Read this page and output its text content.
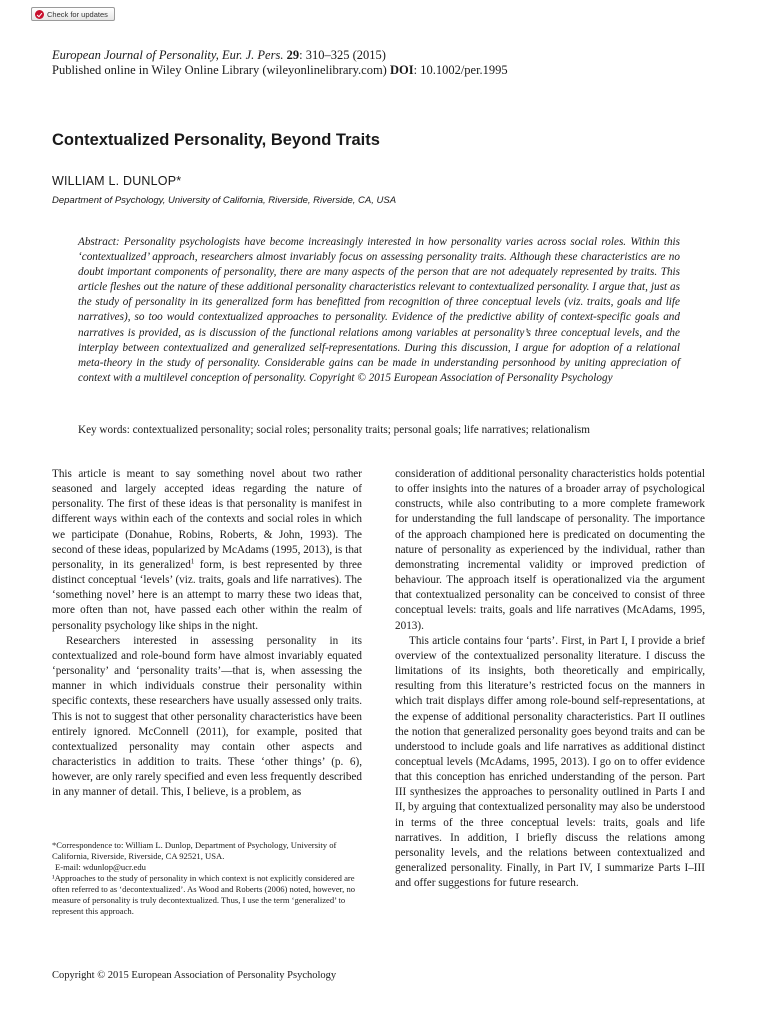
Check for updates
European Journal of Personality, Eur. J. Pers. 29: 310–325 (2015)
Published online in Wiley Online Library (wileyonlinelibrary.com) DOI: 10.1002/per.1995
Contextualized Personality, Beyond Traits
WILLIAM L. DUNLOP*
Department of Psychology, University of California, Riverside, Riverside, CA, USA
Abstract: Personality psychologists have become increasingly interested in how personality varies across social roles. Within this ‘contextualized’ approach, researchers almost invariably focus on assessing personality traits. Although these characteristics are no doubt important components of personality, there are many aspects of the person that are not adequately represented by traits. This article fleshes out the nature of these additional personality characteristics relevant to contextualized personality. I argue that, just as the study of personality in its generalized form has benefitted from recognition of three conceptual levels (viz. traits, goals and life narratives), so too would contextualized approaches to personality. Evidence of the predictive ability of context-specific goals and narratives is provided, as is discussion of the functional relations among variables at personality’s three conceptual levels, and the interplay between contextualized and generalized self-representations. During this discussion, I argue for adoption of a relational meta-theory in the study of personality. Considerable gains can be made in understanding personhood by uniting appreciation of context with a multilevel conception of personality. Copyright © 2015 European Association of Personality Psychology
Key words: contextualized personality; social roles; personality traits; personal goals; life narratives; relationalism

This article is meant to say something novel about two rather seasoned and largely accepted ideas regarding the nature of personality. The first of these ideas is that personality is manifest in different ways within each of the contexts and social roles in which we participate (Donahue, Robins, Roberts, & John, 1993). The second of these ideas, popularized by McAdams (1995, 2013), is that personality, in its generalized$^1$ form, is best represented by three distinct conceptual ‘levels’ (viz. traits, goals and life narratives). The ‘something novel’ here is an attempt to marry these two ideas that, more often than not, have passed each other within the realm of personality psychology like ships in the night.

Researchers interested in assessing personality in its contextualized and role-bound form have almost invariably equated ‘personality’ and ‘personality traits’—that is, when assessing the manner in which individuals construe their personality within specific contexts, these researchers have usually assessed only traits. This is not to suggest that other personality characteristics have been entirely ignored. McConnell (2011), for example, posited that contextualized personality may contain other aspects and characteristics in addition to traits. These ‘other things’ (p. 6), however, are only rarely specified and even less frequently described in any manner of detail. This, I believe, is a problem, as

consideration of additional personality characteristics holds potential to offer insights into the natures of a broader array of psychological constructs, while also contributing to a more complete framework for understanding the full landscape of personality. The importance of the approach championed here is predicated on documenting the nature of personality as experienced by the individual, rather than demonstrating incremental validity or improved prediction of behaviour. The approach itself is operationalized via the argument that contextualized personality can be conceived to consist of three conceptual levels: traits, goals and life narratives (McAdams, 1995, 2013).

This article contains four ‘parts’. First, in Part I, I provide a brief overview of the contextualized personality literature. I discuss the limitations of its insights, both theoretically and empirically, resulting from this literature’s restricted focus on the manners in which trait displays differ among role-bound self-representations, at the expense of additional personality characteristics. Part II outlines the notion that generalized personality goes beyond traits and can be understood to include goals and life narratives as additional distinct conceptual levels (McAdams, 1995, 2013). I go on to offer evidence that this conception has enriched understanding of the person. Part III synthesizes the approaches to personality outlined in Parts I and II, by arguing that contextualized personality may also be understood in terms of the three conceptual levels: traits, goals and life narratives. In addition, I briefly discuss the relations among personality levels, and the relations between contextualized and generalized personality. Finally, in Part IV, I summarize Parts I–III and offer suggestions for future research.

*Correspondence to: William L. Dunlop, Department of Psychology, University of California, Riverside, Riverside, CA 92521, USA.
E-mail: wdunlop@ucr.edu
¹Approaches to the study of personality in which context is not explicitly considered are often referred to as ‘decontextualized’. As Wood and Roberts (2006) noted, however, no measure of personality is truly decontextualized. Thus, I use the term ‘generalized’ to represent this approach.
Copyright © 2015 European Association of Personality Psychology
